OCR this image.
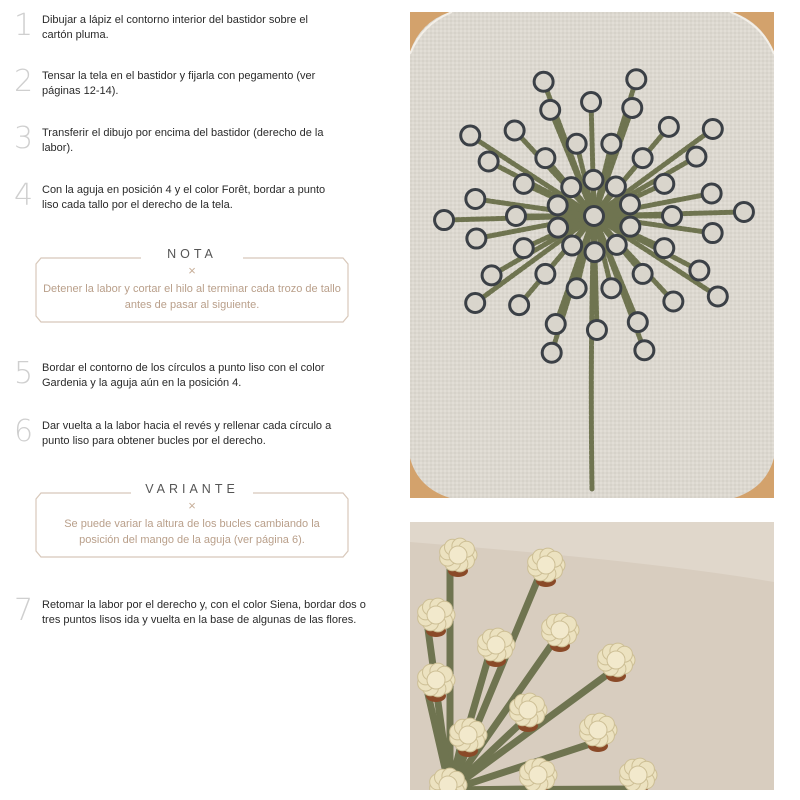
1 Dibujar a lápiz el contorno interior del bastidor sobre el cartón pluma.
2 Tensar la tela en el bastidor y fijarla con pegamento (ver páginas 12-14).
3 Transferir el dibujo por encima del bastidor (derecho de la labor).
4 Con la aguja en posición 4 y el color Forêt, bordar a punto liso cada tallo por el derecho de la tela.
NOTA
×
Detener la labor y cortar el hilo al terminar cada trozo de tallo antes de pasar al siguiente.
5 Bordar el contorno de los círculos a punto liso con el color Gardenia y la aguja aún en la posición 4.
6 Dar vuelta a la labor hacia el revés y rellenar cada círculo a punto liso para obtener bucles por el derecho.
VARIANTE
×
Se puede variar la altura de los bucles cambiando la posición del mango de la aguja (ver página 6).
7 Retomar la labor por el derecho y, con el color Siena, bordar dos o tres puntos lisos ida y vuelta en la base de algunas de las flores.
